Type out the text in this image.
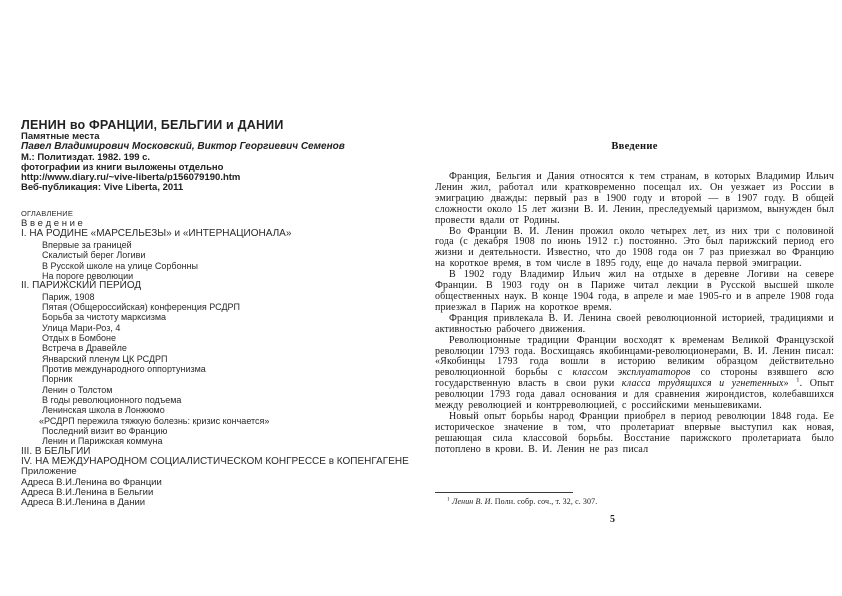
ЛЕНИН во ФРАНЦИИ, БЕЛЬГИИ и ДАНИИ
Памятные места
Павел Владимирович Московский, Виктор Георгиевич Семенов
М.: Политиздат. 1982. 199 с.
фотографии из книги выложены отдельно
http://www.diary.ru/~vive-liberta/p156079190.htm
Веб-публикация: Vive Liberta, 2011
ОГЛАВЛЕНИЕ
В в е д е н и е
I. НА РОДИНЕ «МАРСЕЛЬЕЗЫ» и «ИНТЕРНАЦИОНАЛА»
Впервые за границей
Скалистый берег Логиви
В Русской школе на улице Сорбонны
На пороге революции
II. ПАРИЖСКИЙ ПЕРИОД
Париж, 1908
Пятая (Общероссийская) конференция РСДРП
Борьба за чистоту марксизма
Улица Мари-Роз, 4
Отдых в Бомбоне
Встреча в Дравейле
Январский пленум ЦК РСДРП
Против международного оппортунизма
Порник
Ленин о Толстом
В годы революционного подъема
Ленинская школа в Лонжюмо
«РСДРП пережила тяжкую болезнь: кризис кончается»
Последний визит во Францию
Ленин и Парижская коммуна
III. В БЕЛЬГИИ
IV. НА МЕЖДУНАРОДНОМ СОЦИАЛИСТИЧЕСКОМ КОНГРЕССЕ в КОПЕНГАГЕНЕ
Приложение
Адреса В.И.Ленина во Франции
Адреса В.И.Ленина в Бельгии
Адреса В.И.Ленина в Дании
Введение

Франция, Бельгия и Дания относятся к тем странам, в которых Владимир Ильич Ленин жил, работал или кратковременно посещал их. Он уезжает из России в эмиграцию дважды: первый раз в 1900 году и второй — в 1907 году. В общей сложности около 15 лет жизни В. И. Ленин, преследуемый царизмом, вынужден был провести вдали от Родины.

Во Франции В. И. Ленин прожил около четырех лет, из них три с половиной года (с декабря 1908 по июнь 1912 г.) постоянно. Это был парижский период его жизни и деятельности. Известно, что до 1908 года он 7 раз приезжал во Францию на короткое время, в том числе в 1895 году, еще до начала первой эмиграции.

В 1902 году Владимир Ильич жил на отдыхе в деревне Логиви на севере Франции. В 1903 году он в Париже читал лекции в Русской высшей школе общественных наук. В конце 1904 года, в апреле и мае 1905-го и в апреле 1908 года приезжал в Париж на короткое время.

Франция привлекала В. И. Ленина своей революционной историей, традициями и активностью рабочего движения.

Революционные традиции Франции восходят к временам Великой Французской революции 1793 года. Восхищаясь якобинцами-революционерами, В. И. Ленин писал: «Якобинцы 1793 года вошли в историю великим образцом действительно революционной борьбы с классом эксплуататоров со стороны взявшего всю государственную власть в свои руки класса трудящихся и угнетенных» $^1$. Опыт революции 1793 года давал основания и для сравнения жирондистов, колебавшихся между революцией и контрреволюцией, с российскими меньшевиками.

Новый опыт борьбы народ Франции приобрел в период революции 1848 года. Ее историческое значение в том, что пролетариат впервые выступил как новая, решающая сила классовой борьбы. Восстание парижского пролетариата было потоплено в крови. В. И. Ленин не раз писал

$^1$ Ленин В. И. Полн. собр. соч., т. 32, с. 307.
5
